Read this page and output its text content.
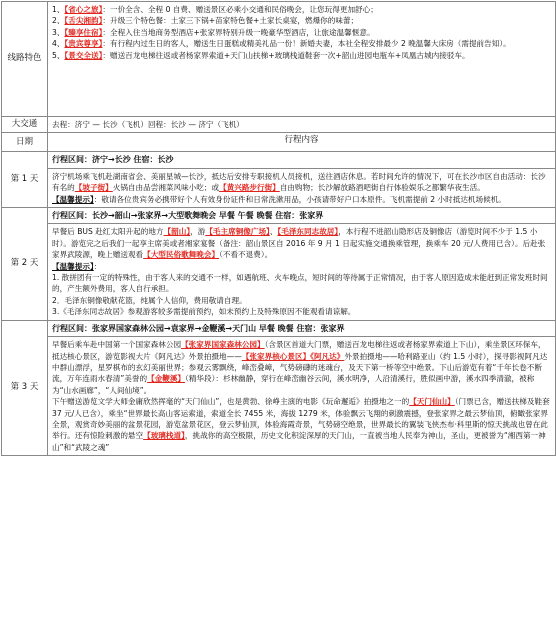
线路特色	1、【省心之旅】：一价全含、全程 0 自费、赠送景区必乘小交通和民俗晚会，让您玩得更加舒心；
2、【舌尖湘韵】：升级三个特色餐：土家三下锅+苗家特色餐+土家长桌宴，燃爆你的味蕾；
3、【臻享住宿】：全程入住当地商务型酒店+张家界特别升级一晚豪华型酒店，让旅途温馨惬意。
4、【贵宾尊享】：有行程内过生日的客人，赠送生日蛋糕或精美礼品一份！新婚夫妻，本社全程安排最少 2 晚温馨大床房（需提前告知）。
5、【景交全送】：赠送百龙电梯往返或者杨家界索道+天门山扶梯+玻璃栈道鞋套一次+韶山进园电瓶车+凤凰古城内接驳车。

大交通	去程：济宁 — 长沙（飞机）回程：长沙 — 济宁（飞机）
日期	行程内容
第 1 天	行程区间：济宁→长沙 住宿：长沙

	济宁机场乘飞机赴湖南省会、美丽星城—长沙，抵达后安排专职接机人员接机，送往酒店休息。若时间允许的情况下，可在长沙市区自由活动：长沙有名的【坡子街】火锅自由品尝湘菜风味小吃；或【黄兴路步行街】自由购物；长沙解放路酒吧街自行体验娱乐之都繁华夜生活。
【温馨提示】：敬请各位贵宾务必携带好个人有效身份证件和日常洗漱用品，小孩请带好户口本原件。飞机需提前 2 小时抵达机场候机。

第 2 天	行程区间：长沙→韶山→张家界→大型歌舞晚会 早餐 午餐 晚餐 住宿：张家界

	早餐后 BUS 赴红太阳升起的地方【韶山】，游【毛主席铜像广场】、【毛泽东同志故居】，本行程不进韶山隐形店及铜像店（游览时间不少于 1.5 小时）。游览完之后我们一起享主席美或者湘家宴餐（备注：韶山景区自 2016 年 9 月 1 日起实施交通换乘管理，换乘车 20 元/人费用已含）。后赴张家界武陵源，晚上赠送观看【大型民俗歌舞晚会】（不看不退费）。
【温馨提示】：
1. 散拼团有一定的特殊性，由于客人来的交通不一样，如遇航班、火车晚点，短时间的等待属于正常情况，由于客人原因造成未能赶到正常发班时间的，产生额外费用，客人自行承担。
2．毛泽东铜像敬献花篮，纯属个人信仰，费用敬请自理。
3.《毛泽东同志故居》参观游客较多需提前预约，如未预约上及特殊原因不能观看请谅解。

第 3 天	行程区间：张家界国家森林公园→袁家界→金鞭溪→天门山 早餐 晚餐 住宿：张家界

	早餐后乘车赴中国第一个国家森林公园【张家界国家森林公园】（含景区首道大门票，赠送百龙电梯往返或者杨家界索道上下山），乘坐景区环保车，抵达核心景区，游览影视大片《阿凡达》外景拍摄地——【张家界核心景区】《阿凡达》外景拍摄地——哈利路亚山（约 1.5 小时），探寻影视阿凡达中群山漂浮，星罗棋布的玄幻美丽世界；参观云雾飘绕，峰峦叠嶂，气势磅礴的迷魂台，及天下第一桥等空中绝景。下山后游览有着“千年长卷不断流，万年连雨水春清”美誉的【金鞭溪】（精华段）：杉林幽静，穿行在峰峦幽谷云间，溪水明净，人沿清溪行，胜似画中游，溪水四季清澈，被称为“山水画廊”，“人间仙境”。
下午赠送游览文学大师金庸欣然挥毫的“天门仙山”，也是黄勃、徐峥主演的电影《玩命邂逅》拍摄地之一的【天门仙山】（门票已含，赠送扶梯及鞋套 37 元/人已含），乘坐“世界最长高山客运索道，索道全长 7455 米，海拔 1279 米，体验飘云飞翔的刺激震撼，登张家界之最云梦仙顶，俯瞰张家界全景，观赏奇妙美丽的盆景花园，游览盆景花区，登云梦仙顶，体验海霞奇景，气势磅空绝景，世界最长的翼装飞侠杰布·科里斯的惊天挑战也曾在此举行。还有惊险刺激的悬空【玻璃栈道】，挑战你的高空极限，历史文化积淀深厚的天门山，一直被当地人民奉为神山，圣山，更被誉为“湘西第一神山”和“武陵之魂”
